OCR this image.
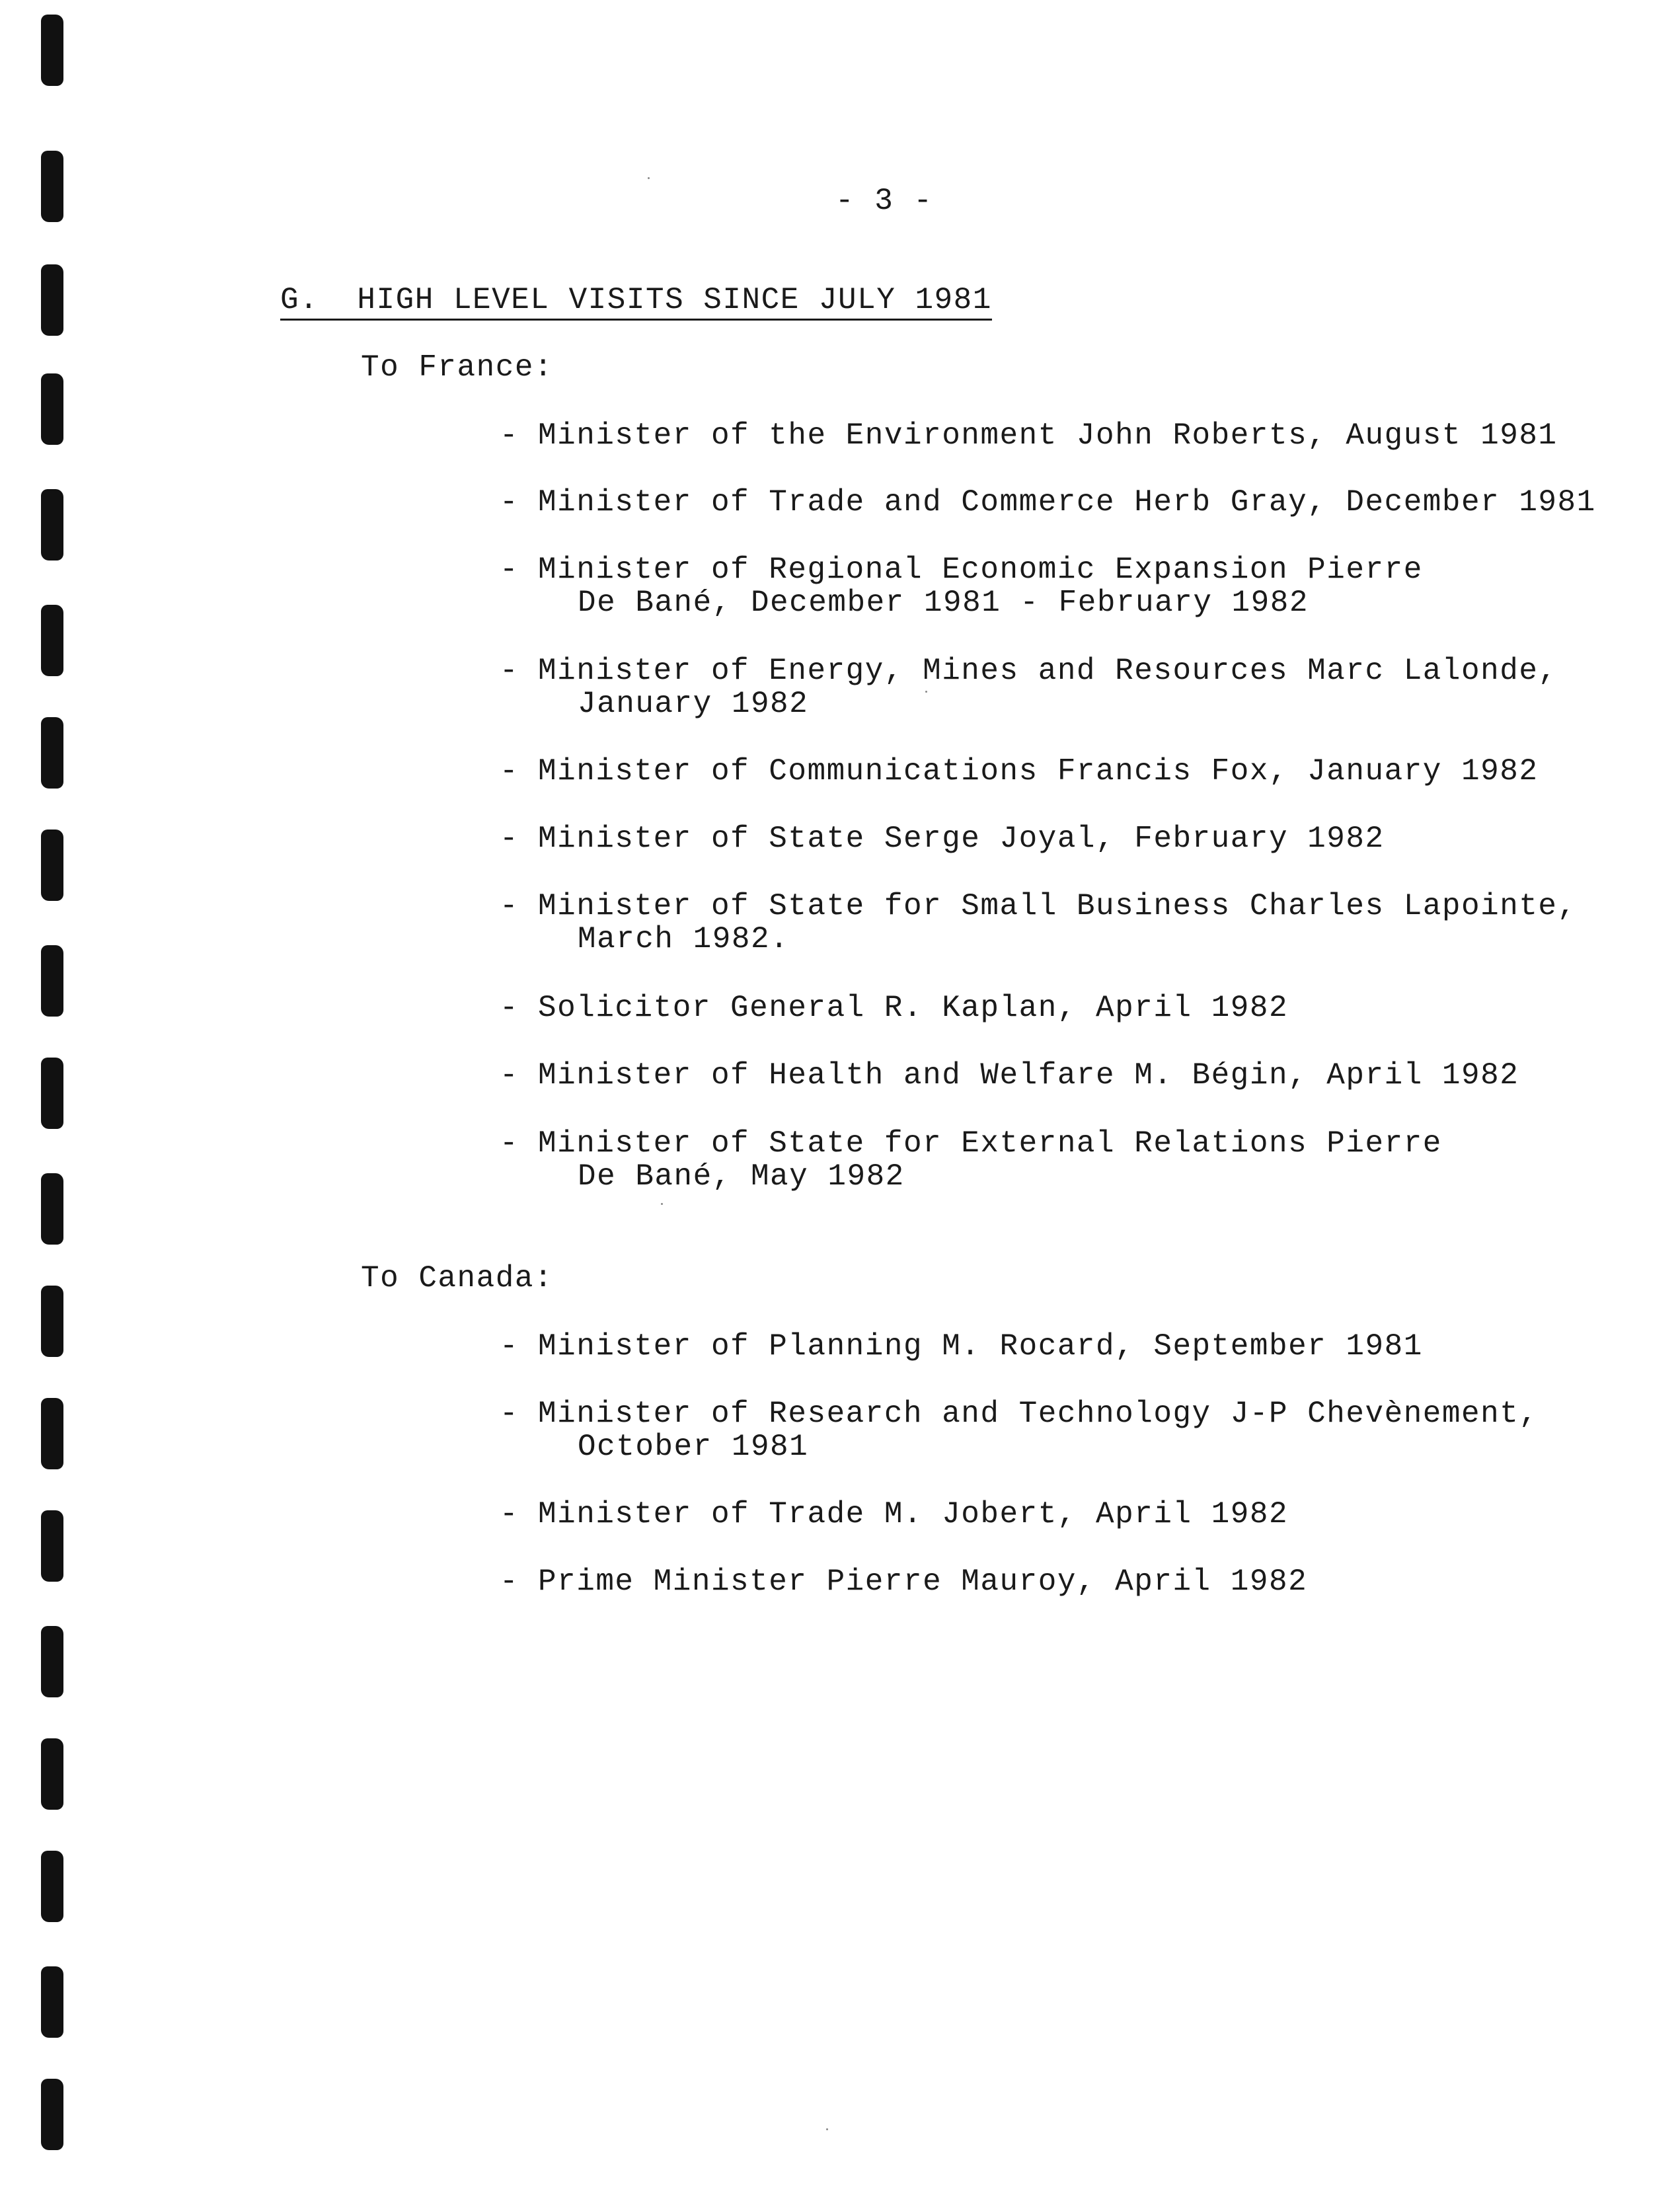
- 3 -
G.  HIGH LEVEL VISITS SINCE JULY 1981
To France:
- Minister of the Environment John Roberts, August 1981
- Minister of Trade and Commerce Herb Gray, December 1981
- Minister of Regional Economic Expansion Pierre
De Bané, December 1981 - February 1982
- Minister of Energy, Mines and Resources Marc Lalonde,
January 1982
- Minister of Communications Francis Fox, January 1982
- Minister of State Serge Joyal, February 1982
- Minister of State for Small Business Charles Lapointe,
March 1982.
- Solicitor General R. Kaplan, April 1982
- Minister of Health and Welfare M. Bégin, April 1982
- Minister of State for External Relations Pierre
De Bané, May 1982
To Canada:
- Minister of Planning M. Rocard, September 1981
- Minister of Research and Technology J-P Chevènement,
October 1981
- Minister of Trade M. Jobert, April 1982
- Prime Minister Pierre Mauroy, April 1982
